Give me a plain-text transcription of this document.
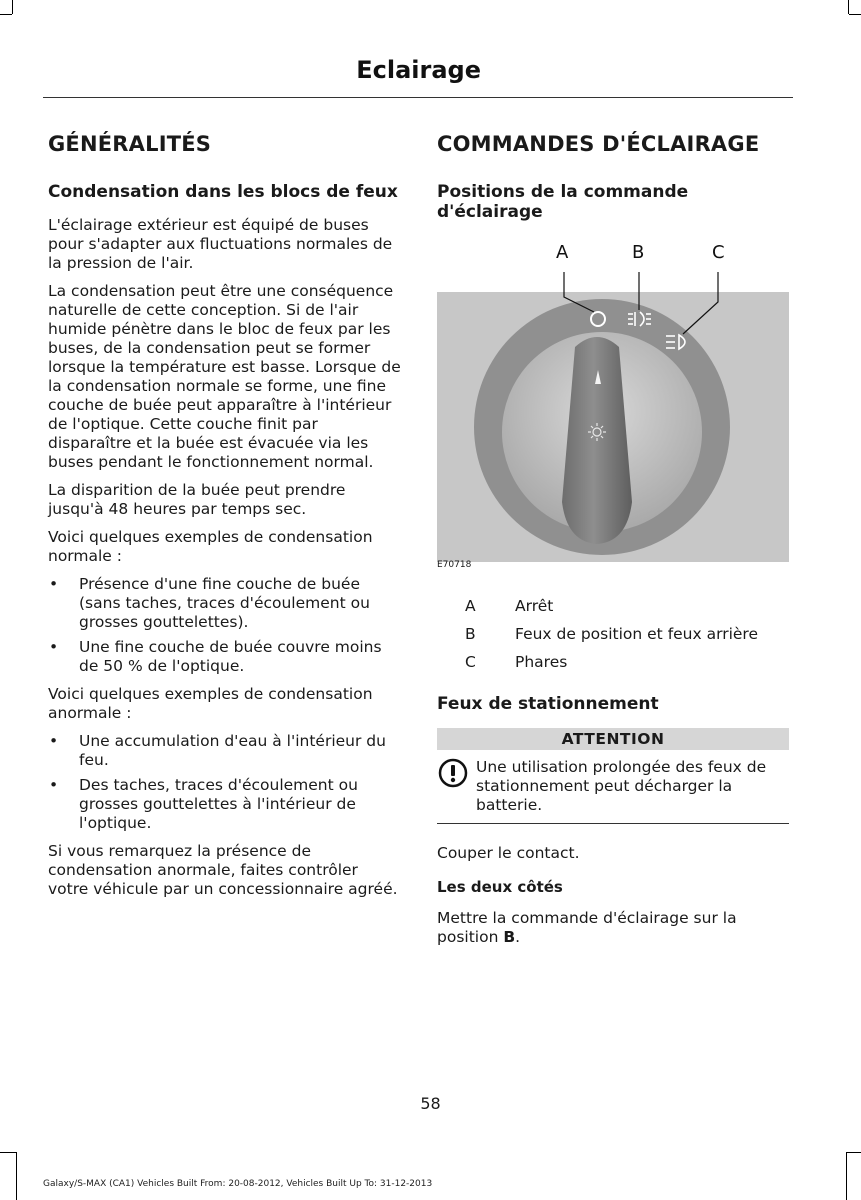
Eclairage
GÉNÉRALITÉS
Condensation dans les blocs de feux

L'éclairage extérieur est équipé de buses pour s'adapter aux fluctuations normales de la pression de l'air.

La condensation peut être une conséquence naturelle de cette conception. Si de l'air humide pénètre dans le bloc de feux par les buses, de la condensation peut se former lorsque la température est basse. Lorsque de la condensation normale se forme, une fine couche de buée peut apparaître à l'intérieur de l'optique. Cette couche finit par disparaître et la buée est évacuée via les buses pendant le fonctionnement normal.

La disparition de la buée peut prendre jusqu'à 48 heures par temps sec.

Voici quelques exemples de condensation normale :

• Présence d'une fine couche de buée (sans taches, traces d'écoulement ou grosses gouttelettes).
• Une fine couche de buée couvre moins de 50 % de l'optique.

Voici quelques exemples de condensation anormale :

• Une accumulation d'eau à l'intérieur du feu.
• Des taches, traces d'écoulement ou grosses gouttelettes à l'intérieur de l'optique.

Si vous remarquez la présence de condensation anormale, faites contrôler votre véhicule par un concessionnaire agréé.

COMMANDES D'ÉCLAIRAGE
Positions de la commande d'éclairage
A	B	C
E70718
A	Arrêt
B	Feux de position et feux arrière
C	Phares
Feux de stationnement
ATTENTION
Une utilisation prolongée des feux de stationnement peut décharger la batterie.

Couper le contact.

Les deux côtés

Mettre la commande d'éclairage sur la position B.

58
Galaxy/S-MAX (CA1) Vehicles Built From: 20-08-2012, Vehicles Built Up To: 31-12-2013
